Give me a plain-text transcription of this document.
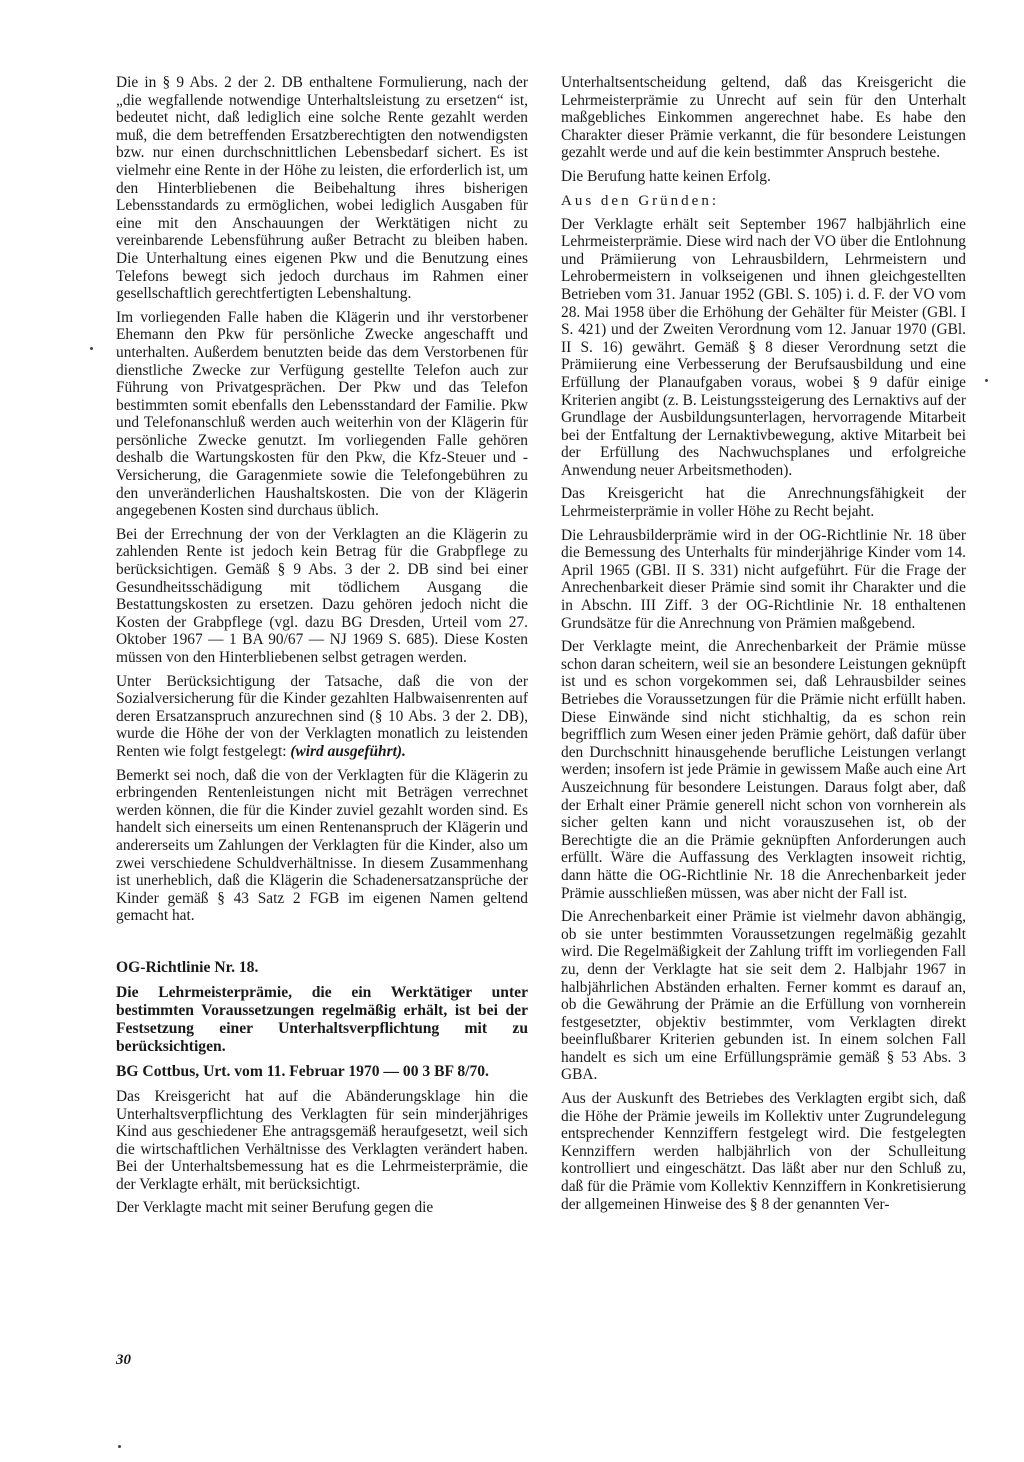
Die in § 9 Abs. 2 der 2. DB enthaltene Formulierung, nach der „die wegfallende notwendige Unterhaltsleistung zu ersetzen“ ist, bedeutet nicht, daß lediglich eine solche Rente gezahlt werden muß, die dem betreffenden Ersatzberechtigten den notwendigsten bzw. nur einen durchschnittlichen Lebensbedarf sichert. Es ist vielmehr eine Rente in der Höhe zu leisten, die erforderlich ist, um den Hinterbliebenen die Beibehaltung ihres bisherigen Lebensstandards zu ermöglichen, wobei lediglich Ausgaben für eine mit den Anschauungen der Werktätigen nicht zu vereinbarende Lebensführung außer Betracht zu bleiben haben. Die Unterhaltung eines eigenen Pkw und die Benutzung eines Telefons bewegt sich jedoch durchaus im Rahmen einer gesellschaftlich gerechtfertigten Lebenshaltung.

Im vorliegenden Falle haben die Klägerin und ihr verstorbener Ehemann den Pkw für persönliche Zwecke angeschafft und unterhalten. Außerdem benutzten beide das dem Verstorbenen für dienstliche Zwecke zur Verfügung gestellte Telefon auch zur Führung von Privatgesprächen. Der Pkw und das Telefon bestimmten somit ebenfalls den Lebensstandard der Familie. Pkw und Telefonanschluß werden auch weiterhin von der Klägerin für persönliche Zwecke genutzt. Im vorliegenden Falle gehören deshalb die Wartungskosten für den Pkw, die Kfz-Steuer und -Versicherung, die Garagenmiete sowie die Telefongebühren zu den unveränderlichen Haushaltskosten. Die von der Klägerin angegebenen Kosten sind durchaus üblich.

Bei der Errechnung der von der Verklagten an die Klägerin zu zahlenden Rente ist jedoch kein Betrag für die Grabpflege zu berücksichtigen. Gemäß § 9 Abs. 3 der 2. DB sind bei einer Gesundheitsschädigung mit tödlichem Ausgang die Bestattungskosten zu ersetzen. Dazu gehören jedoch nicht die Kosten der Grabpflege (vgl. dazu BG Dresden, Urteil vom 27. Oktober 1967 — 1 BA 90/67 — NJ 1969 S. 685). Diese Kosten müssen von den Hinterbliebenen selbst getragen werden.

Unter Berücksichtigung der Tatsache, daß die von der Sozialversicherung für die Kinder gezahlten Halbwaisenrenten auf deren Ersatzanspruch anzurechnen sind (§ 10 Abs. 3 der 2. DB), wurde die Höhe der von der Verklagten monatlich zu leistenden Renten wie folgt festgelegt: (wird ausgeführt).

Bemerkt sei noch, daß die von der Verklagten für die Klägerin zu erbringenden Rentenleistungen nicht mit Beträgen verrechnet werden können, die für die Kinder zuviel gezahlt worden sind. Es handelt sich einerseits um einen Rentenanspruch der Klägerin und andererseits um Zahlungen der Verklagten für die Kinder, also um zwei verschiedene Schuldverhältnisse. In diesem Zusammenhang ist unerheblich, daß die Klägerin die Schadenersatzansprüche der Kinder gemäß § 43 Satz 2 FGB im eigenen Namen geltend gemacht hat.

OG-Richtlinie Nr. 18.

Die Lehrmeisterprämie, die ein Werktätiger unter bestimmten Voraussetzungen regelmäßig erhält, ist bei der Festsetzung einer Unterhaltsverpflichtung mit zu berücksichtigen.

BG Cottbus, Urt. vom 11. Februar 1970 — 00 3 BF 8/70.

Das Kreisgericht hat auf die Abänderungsklage hin die Unterhaltsverpflichtung des Verklagten für sein minderjähriges Kind aus geschiedener Ehe antragsgemäß heraufgesetzt, weil sich die wirtschaftlichen Verhältnisse des Verklagten verändert haben. Bei der Unterhaltsbemessung hat es die Lehrmeisterprämie, die der Verklagte erhält, mit berücksichtigt.

Der Verklagte macht mit seiner Berufung gegen die

Unterhaltsentscheidung geltend, daß das Kreisgericht die Lehrmeisterprämie zu Unrecht auf sein für den Unterhalt maßgebliches Einkommen angerechnet habe. Es habe den Charakter dieser Prämie verkannt, die für besondere Leistungen gezahlt werde und auf die kein bestimmter Anspruch bestehe.

Die Berufung hatte keinen Erfolg.

Aus den Gründen:

Der Verklagte erhält seit September 1967 halbjährlich eine Lehrmeisterprämie. Diese wird nach der VO über die Entlohnung und Prämiierung von Lehrausbildern, Lehrmeistern und Lehrobermeistern in volkseigenen und ihnen gleichgestellten Betrieben vom 31. Januar 1952 (GBl. S. 105) i. d. F. der VO vom 28. Mai 1958 über die Erhöhung der Gehälter für Meister (GBl. I S. 421) und der Zweiten Verordnung vom 12. Januar 1970 (GBl. II S. 16) gewährt. Gemäß § 8 dieser Verordnung setzt die Prämiierung eine Verbesserung der Berufsausbildung und eine Erfüllung der Planaufgaben voraus, wobei § 9 dafür einige Kriterien angibt (z. B. Leistungssteigerung des Lernaktivs auf der Grundlage der Ausbildungsunterlagen, hervorragende Mitarbeit bei der Entfaltung der Lernaktivbewegung, aktive Mitarbeit bei der Erfüllung des Nachwuchsplanes und erfolgreiche Anwendung neuer Arbeitsmethoden).

Das Kreisgericht hat die Anrechnungsfähigkeit der Lehrmeisterprämie in voller Höhe zu Recht bejaht.

Die Lehrausbilderprämie wird in der OG-Richtlinie Nr. 18 über die Bemessung des Unterhalts für minderjährige Kinder vom 14. April 1965 (GBl. II S. 331) nicht aufgeführt. Für die Frage der Anrechenbarkeit dieser Prämie sind somit ihr Charakter und die in Abschn. III Ziff. 3 der OG-Richtlinie Nr. 18 enthaltenen Grundsätze für die Anrechnung von Prämien maßgebend.

Der Verklagte meint, die Anrechenbarkeit der Prämie müsse schon daran scheitern, weil sie an besondere Leistungen geknüpft ist und es schon vorgekommen sei, daß Lehrausbilder seines Betriebes die Voraussetzungen für die Prämie nicht erfüllt haben. Diese Einwände sind nicht stichhaltig, da es schon rein begrifflich zum Wesen einer jeden Prämie gehört, daß dafür über den Durchschnitt hinausgehende berufliche Leistungen verlangt werden; insofern ist jede Prämie in gewissem Maße auch eine Art Auszeichnung für besondere Leistungen. Daraus folgt aber, daß der Erhalt einer Prämie generell nicht schon von vornherein als sicher gelten kann und nicht vorauszusehen ist, ob der Berechtigte die an die Prämie geknüpften Anforderungen auch erfüllt. Wäre die Auffassung des Verklagten insoweit richtig, dann hätte die OG-Richtlinie Nr. 18 die Anrechenbarkeit jeder Prämie ausschließen müssen, was aber nicht der Fall ist.

Die Anrechenbarkeit einer Prämie ist vielmehr davon abhängig, ob sie unter bestimmten Voraussetzungen regelmäßig gezahlt wird. Die Regelmäßigkeit der Zahlung trifft im vorliegenden Fall zu, denn der Verklagte hat sie seit dem 2. Halbjahr 1967 in halbjährlichen Abständen erhalten. Ferner kommt es darauf an, ob die Gewährung der Prämie an die Erfüllung von vornherein festgesetzter, objektiv bestimmter, vom Verklagten direkt beeinflußbarer Kriterien gebunden ist. In einem solchen Fall handelt es sich um eine Erfüllungsprämie gemäß § 53 Abs. 3 GBA.

Aus der Auskunft des Betriebes des Verklagten ergibt sich, daß die Höhe der Prämie jeweils im Kollektiv unter Zugrundelegung entsprechender Kennziffern festgelegt wird. Die festgelegten Kennziffern werden halbjährlich von der Schulleitung kontrolliert und eingeschätzt. Das läßt aber nur den Schluß zu, daß für die Prämie vom Kollektiv Kennziffern in Konkretisierung der allgemeinen Hinweise des § 8 der genannten Ver-

30
